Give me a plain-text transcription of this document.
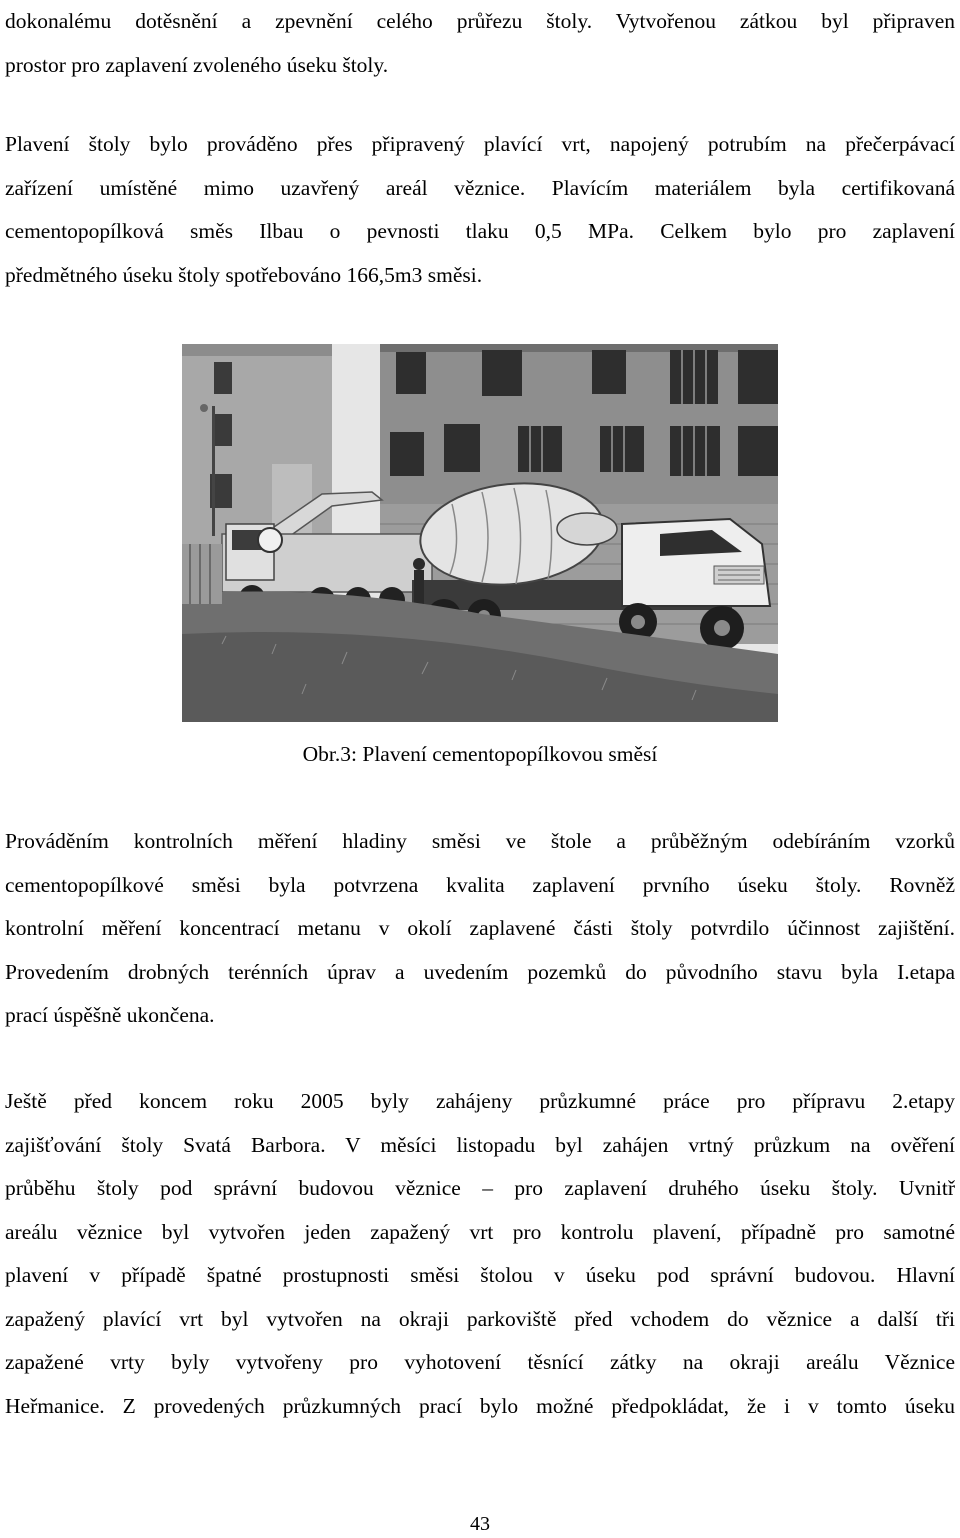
dokonalému dotěsnění a zpevnění celého průřezu štoly. Vytvořenou zátkou byl připraven
prostor pro zaplavení zvoleného úseku štoly.
Plavení štoly bylo prováděno přes připravený plavící vrt, napojený potrubím na přečerpávací
zařízení umístěné mimo uzavřený areál věznice. Plavícím materiálem byla certifikovaná
cementopopílková směs Ilbau o pevnosti tlaku 0,5 MPa. Celkem bylo pro zaplavení
předmětného úseku štoly spotřebováno 166,5m3 směsi.
Obr.3: Plavení cementopopílkovou směsí
Prováděním kontrolních měření hladiny směsi ve štole a průběžným odebíráním vzorků
cementopopílkové směsi byla potvrzena kvalita zaplavení prvního úseku štoly. Rovněž
kontrolní měření koncentrací metanu v okolí zaplavené části štoly potvrdilo účinnost zajištění.
Provedením drobných terénních úprav a uvedením pozemků do původního stavu byla I.etapa
prací úspěšně ukončena.
Ještě před koncem roku 2005 byly zahájeny průzkumné práce pro přípravu 2.etapy
zajišťování štoly Svatá Barbora. V měsíci listopadu byl zahájen vrtný průzkum na ověření
průběhu štoly pod správní budovou věznice – pro zaplavení druhého úseku štoly. Uvnitř
areálu věznice byl vytvořen jeden zapažený vrt pro kontrolu plavení, případně pro samotné
plavení v případě špatné prostupnosti směsi štolou v úseku pod správní budovou. Hlavní
zapažený plavící vrt byl vytvořen na okraji parkoviště před vchodem do věznice a další tři
zapažené vrty byly vytvořeny pro vyhotovení těsnící zátky na okraji areálu Věznice
Heřmanice. Z provedených průzkumných prací bylo možné předpokládat, že i v tomto úseku
43
